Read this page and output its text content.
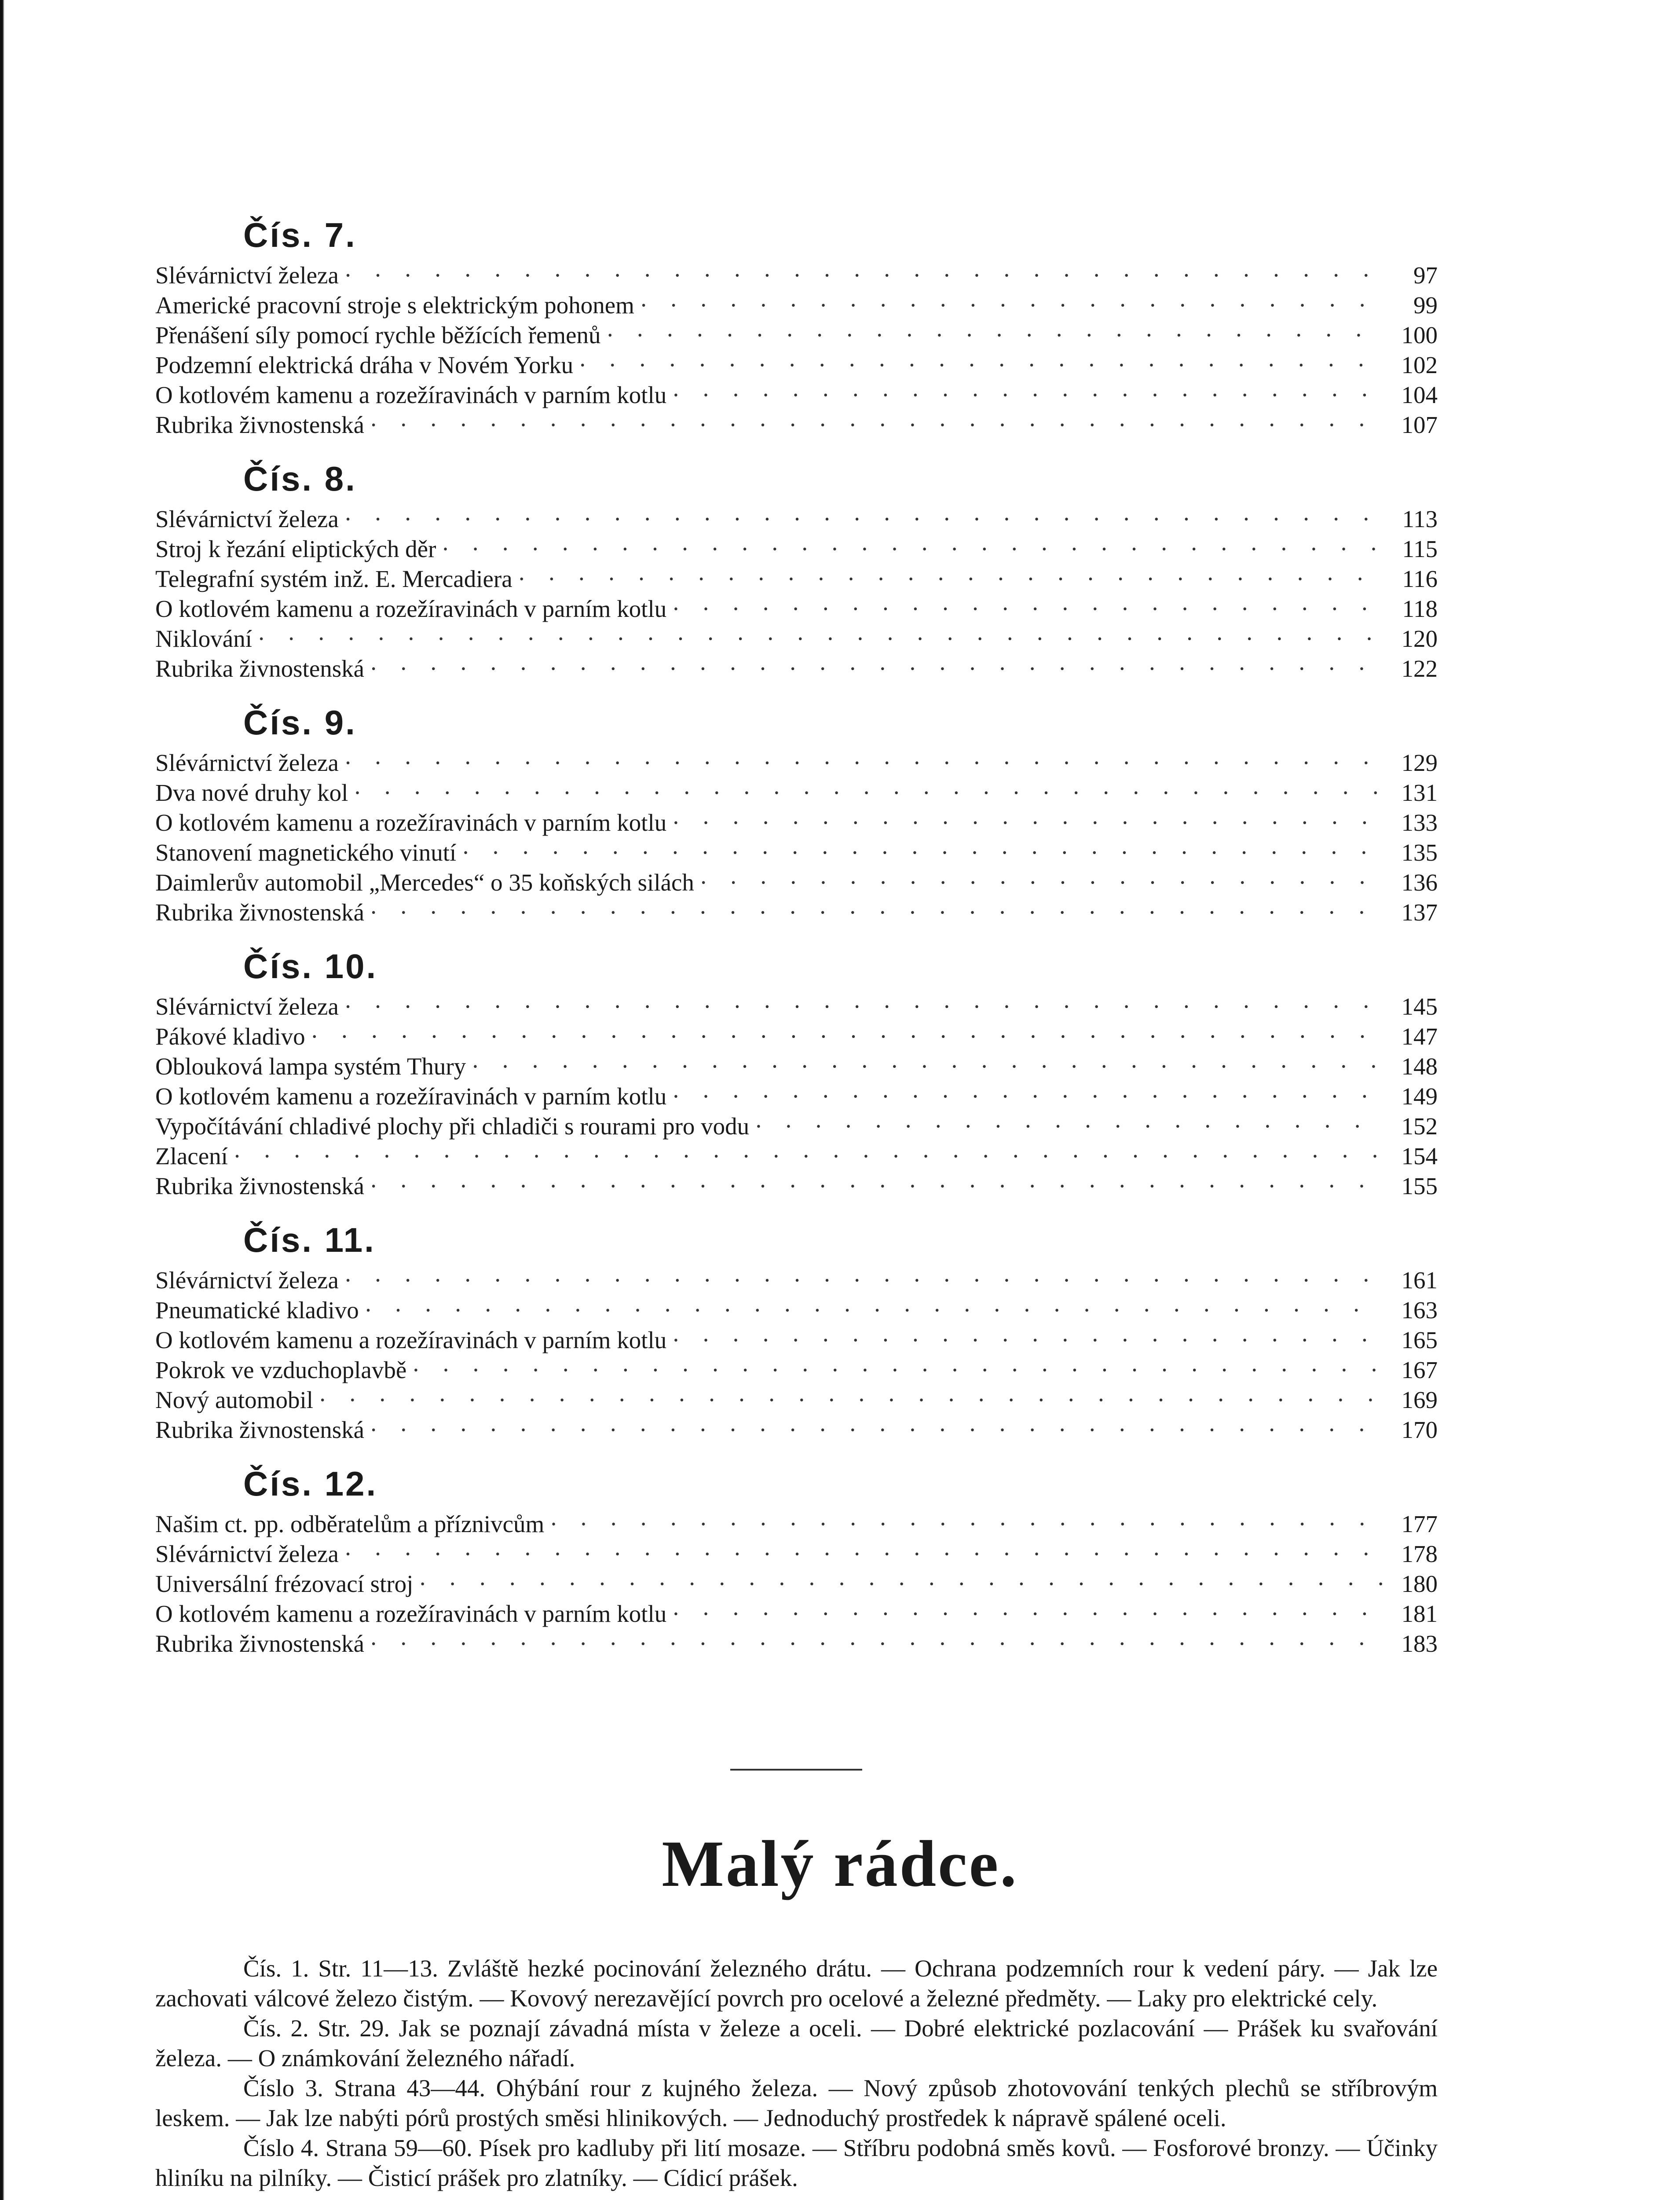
Čís. 7.
Slévárnictví železa · · ·	97
Americké pracovní stroje s elektrickým pohonem · · ·	99
Přenášení síly pomocí rychle běžících řemenů · · ·	100
Podzemní elektrická dráha v Novém Yorku · · ·	102
O kotlovém kamenu a rozežíravinách v parním kotlu · · ·	104
Rubrika živnostenská · · ·	107
Čís. 8.
Slévárnictví železa · · ·	113
Stroj k řezání eliptických děr · · ·	115
Telegrafní systém inž. E. Mercadiera · · ·	116
O kotlovém kamenu a rozežíravinách v parním kotlu · · ·	118
Niklování · · ·	120
Rubrika živnostenská · · ·	122
Čís. 9.
Slévárnictví železa · · ·	129
Dva nové druhy kol · · ·	131
O kotlovém kamenu a rozežíravinách v parním kotlu · · ·	133
Stanovení magnetického vinutí · · ·	135
Daimlerův automobil „Mercedes“ o 35 koňských silách · · ·	136
Rubrika živnostenská · · ·	137
Čís. 10.
Slévárnictví železa · · ·	145
Pákové kladivo · · ·	147
Oblouková lampa systém Thury · · ·	148
O kotlovém kamenu a rozežíravinách v parním kotlu · · ·	149
Vypočítávání chladivé plochy při chladiči s rourami pro vodu · · ·	152
Zlacení · · ·	154
Rubrika živnostenská · · ·	155
Čís. 11.
Slévárnictví železa · · ·	161
Pneumatické kladivo · · ·	163
O kotlovém kamenu a rozežíravinách v parním kotlu · · ·	165
Pokrok ve vzduchoplavbě · · ·	167
Nový automobil · · ·	169
Rubrika živnostenská · · ·	170
Čís. 12.
Našim ct. pp. odběratelům a příznivcům · · ·	177
Slévárnictví železa · · ·	178
Universální frézovací stroj · · ·	180
O kotlovém kamenu a rozežíravinách v parním kotlu · · ·	181
Rubrika živnostenská · · ·	183
Malý rádce.

Čís. 1. Str. 11—13. Zvláště hezké pocinování železného drátu. — Ochrana podzemních rour k vedení páry. — Jak lze zachovati válcové železo čistým. — Kovový nerezavějící povrch pro ocelové a železné předměty. — Laky pro elektrické cely.

Čís. 2. Str. 29. Jak se poznají závadná místa v železe a oceli. — Dobré elektrické pozlacování — Prášek ku svařování železa. — O známkování železného nářadí.

Číslo 3. Strana 43—44. Ohýbání rour z kujného železa. — Nový způsob zhotovování tenkých plechů se stříbrovým leskem. — Jak lze nabýti pórů prostých směsi hlinikových. — Jednoduchý prostředek k nápravě spálené oceli.

Číslo 4. Strana 59—60. Písek pro kadluby při lití mosaze. — Stříbru podobná směs kovů. — Fosforové bronzy. — Účinky hliníku na pilníky. — Čisticí prášek pro zlatníky. — Cídicí prášek.
